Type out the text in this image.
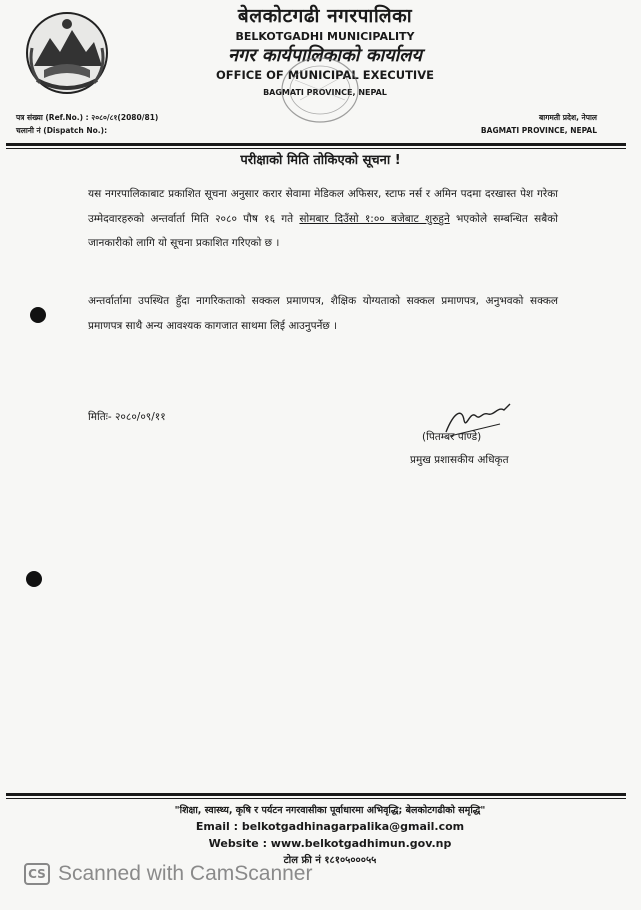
बेलकोटगढी नगरपालिका
BELKOTGADHI MUNICIPALITY
नगर कार्यपालिकाको कार्यालय
OFFICE OF MUNICIPAL EXECUTIVE
BAGMATI PROVINCE, NEPAL
पत्र संख्या (Ref.No.) : २०८०/८१(2080/81)
चलानी नं (Dispatch No.):
बागमती प्रदेश, नेपाल
BAGMATI PROVINCE, NEPAL
परीक्षाको मिति तोकिएको सूचना !
यस नगरपालिकाबाट प्रकाशित सूचना अनुसार करार सेवामा मेडिकल अफिसर, स्टाफ नर्स र अमिन पदमा दरखास्त पेश गरेका उम्मेदवारहरुको अन्तर्वार्ता मिति २०८० पौष १६ गते सोमबार दिउँसो १:०० बजेबाट शुरुहुने भएकोले सम्बन्धित सबैको जानकारीको लागि यो सूचना प्रकाशित गरिएको छ ।
अन्तर्वार्तामा उपस्थित हुँदा नागरिकताको सक्कल प्रमाणपत्र, शैक्षिक योग्यताको सक्कल प्रमाणपत्र, अनुभवको सक्कल प्रमाणपत्र साथै अन्य आवश्यक कागजात साथमा लिई आउनुपर्नेछ ।
मितिः- २०८०/०९/११
(पितम्बर पाण्डे)
प्रमुख प्रशासकीय अधिकृत
"शिक्षा, स्वास्थ्य, कृषि र पर्यटन नगरवासीका पूर्वाधारमा अभिवृद्धि; बेलकोटगढीको समृद्धि"
Email : belkotgadhinagarpalika@gmail.com
Website : www.belkotgadhimun.gov.np
टोल फ्री नं १८१०५०००५५
CS Scanned with CamScanner
